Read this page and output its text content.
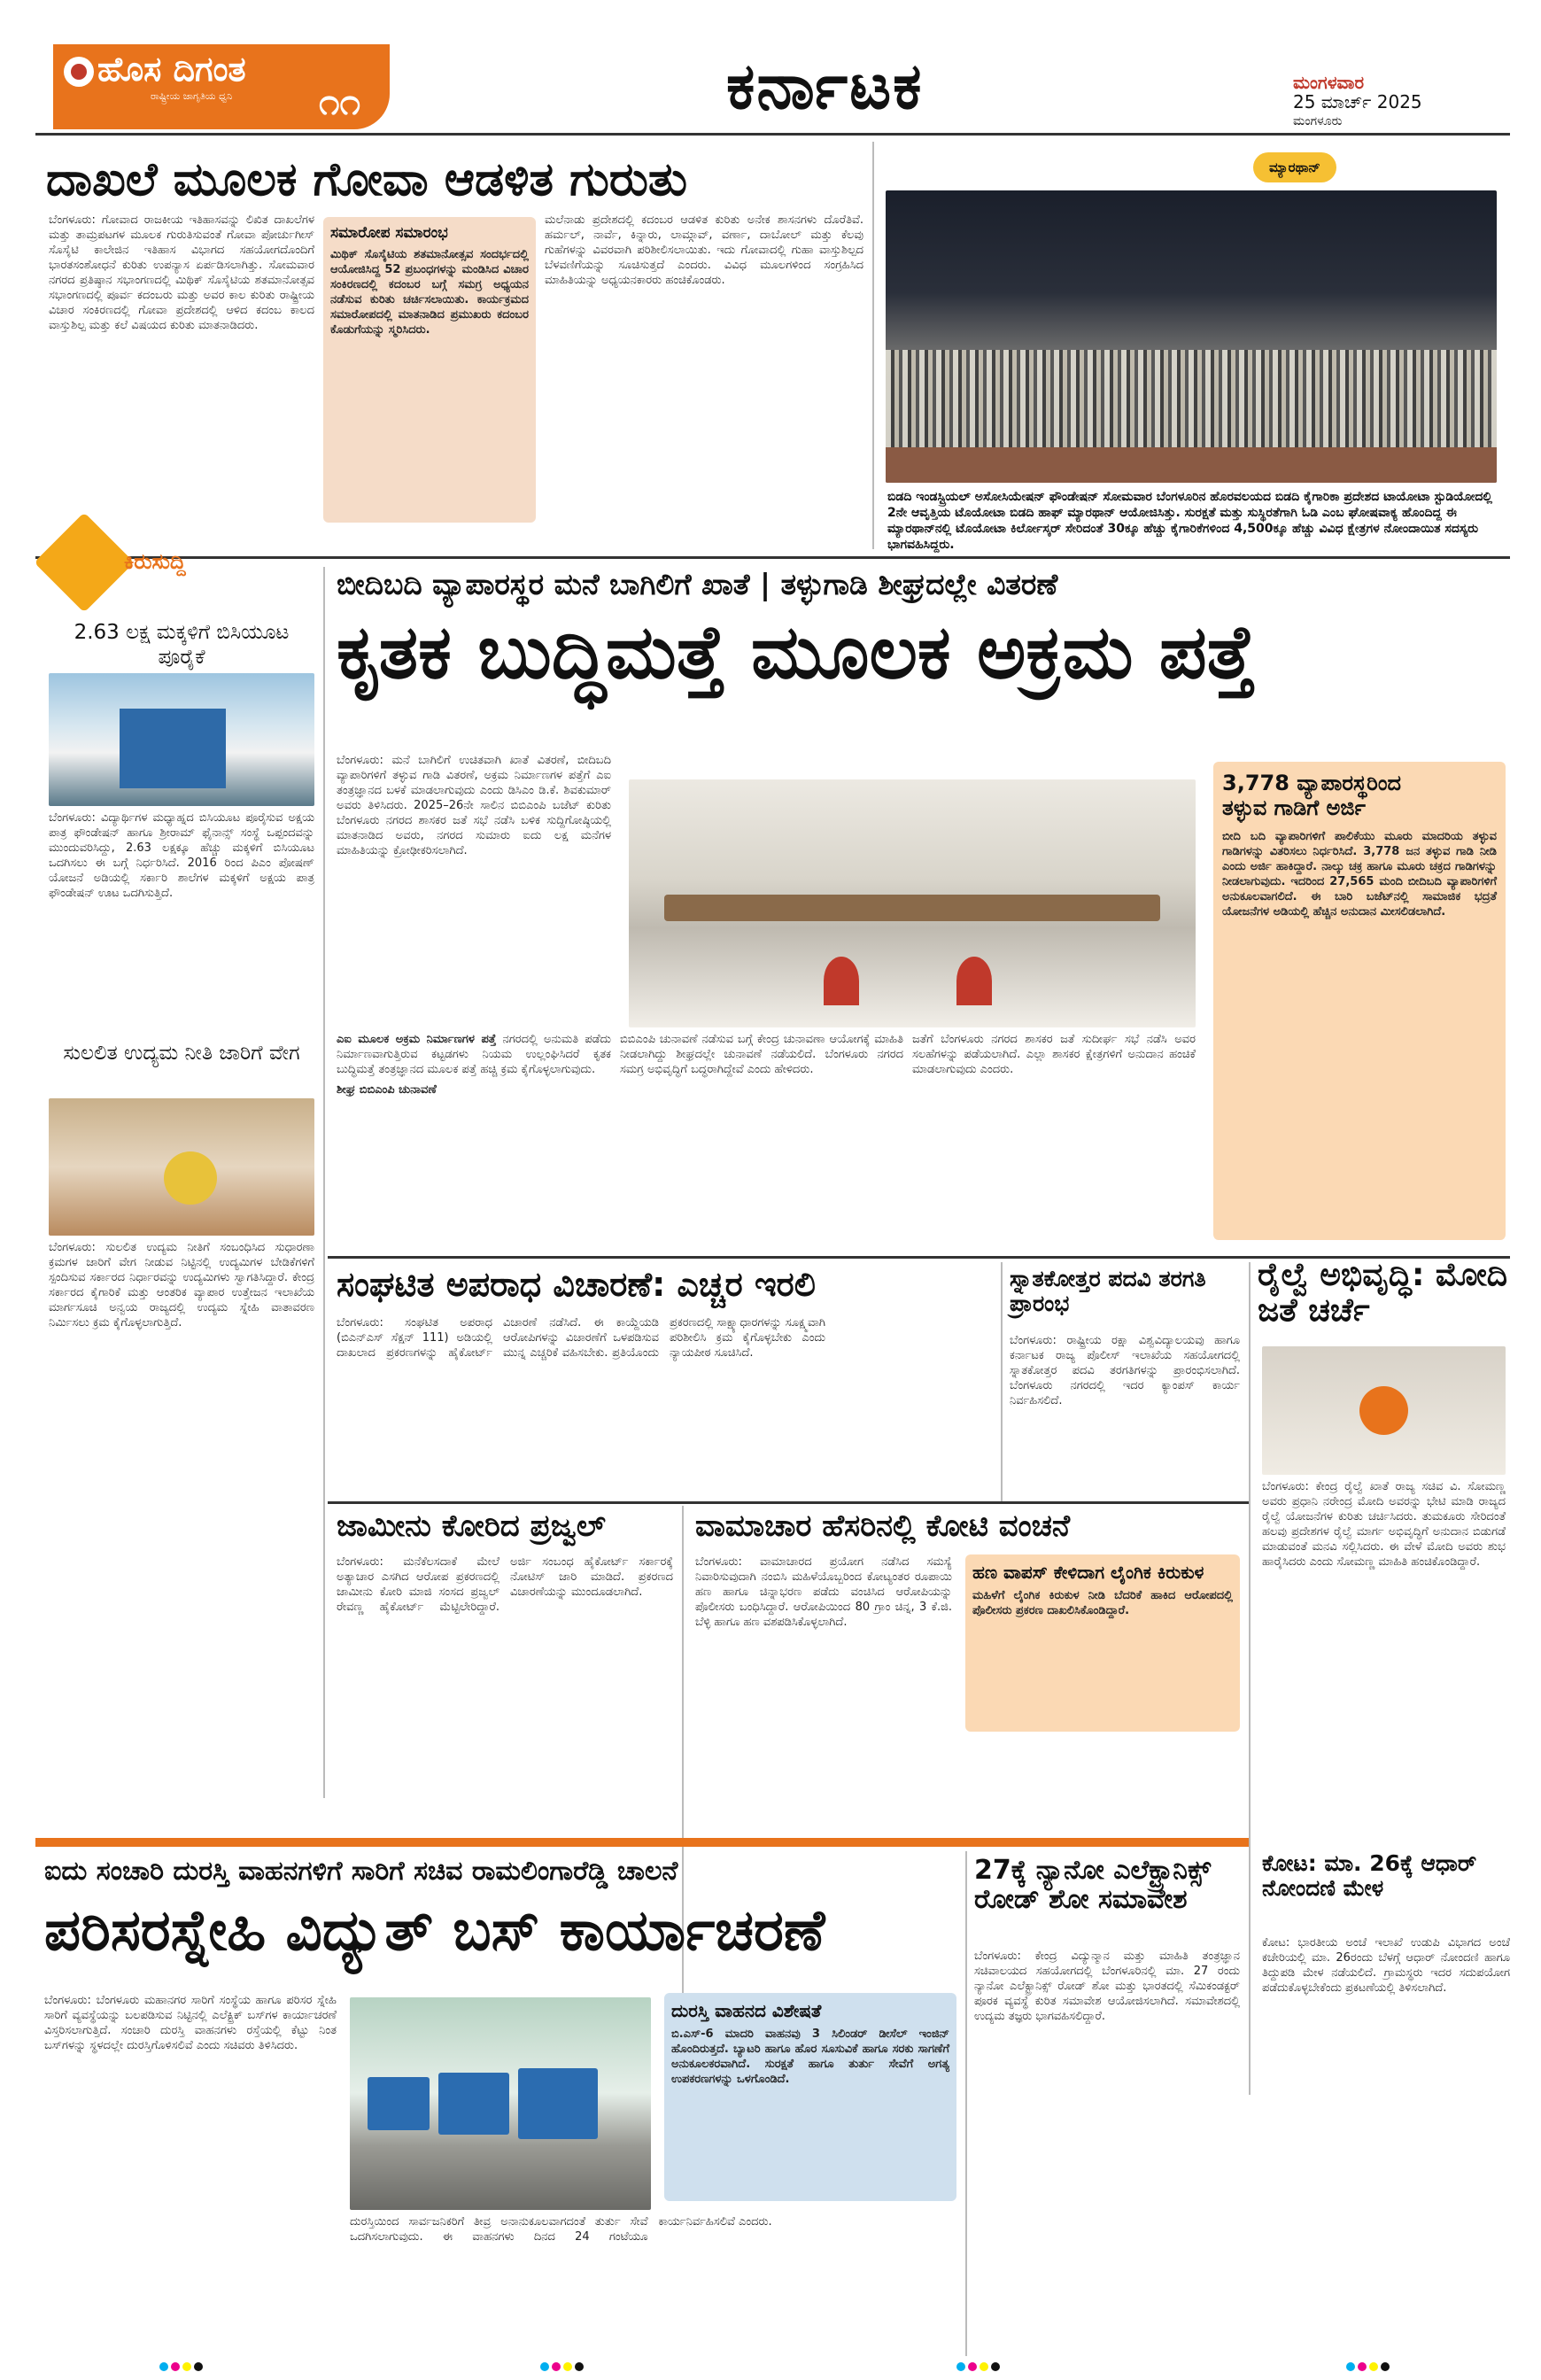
ಹೊಸ ದಿಗಂತ
ರಾಷ್ಟ್ರೀಯ ಜಾಗೃತಿಯ ಧ್ವನಿ ೧೧	ಕರ್ನಾಟಕ	ಮಂಗಳವಾರ
25 ಮಾರ್ಚ್ 2025
ಮಂಗಳೂರು
ದಾಖಲೆ ಮೂಲಕ ಗೋವಾ ಆಡಳಿತ ಗುರುತು
ಬೆಂಗಳೂರು: ಗೋವಾದ ರಾಜಕೀಯ ಇತಿಹಾಸವನ್ನು ಲಿಖಿತ ದಾಖಲೆಗಳ ಮತ್ತು ತಾಮ್ರಪಟಗಳ ಮೂಲಕ ಗುರುತಿಸುವಂತೆ ಗೋವಾ ಪೋರ್ಚುಗೀಸ್ ಸೊಸೈಟಿ ಕಾಲೇಜಿನ ಇತಿಹಾಸ ವಿಭಾಗದ ಸಹಯೋಗದೊಂದಿಗೆ ಭಾರತಸಂಶೋಧನೆ ಕುರಿತು ಉಪನ್ಯಾಸ ಏರ್ಪಡಿಸಲಾಗಿತ್ತು. ಸೋಮವಾರ ನಗರದ ಪ್ರತಿಷ್ಠಾನ ಸಭಾಂಗಣದಲ್ಲಿ ಮಿಥಿಕ್ ಸೊಸೈಟಿಯ ಶತಮಾನೋತ್ಸವ ಸಭಾಂಗಣದಲ್ಲಿ ಪೂರ್ವ ಕದಂಬರು ಮತ್ತು ಅವರ ಕಾಲ ಕುರಿತು ರಾಷ್ಟ್ರೀಯ ವಿಚಾರ ಸಂಕಿರಣದಲ್ಲಿ ಗೋವಾ ಪ್ರದೇಶದಲ್ಲಿ ಆಳಿದ ಕದಂಬ ಕಾಲದ ವಾಸ್ತುಶಿಲ್ಪ ಮತ್ತು ಕಲೆ ವಿಷಯದ ಕುರಿತು ಮಾತನಾಡಿದರು.
ಸಮಾರೋಪ ಸಮಾರಂಭ
ಮಿಥಿಕ್ ಸೊಸೈಟಿಯ ಶತಮಾನೋತ್ಸವ ಸಂದರ್ಭದಲ್ಲಿ ಆಯೋಜಿಸಿದ್ದ 52 ಪ್ರಬಂಧಗಳನ್ನು ಮಂಡಿಸಿದ ವಿಚಾರ ಸಂಕಿರಣದಲ್ಲಿ ಕದಂಬರ ಬಗ್ಗೆ ಸಮಗ್ರ ಅಧ್ಯಯನ ನಡೆಸುವ ಕುರಿತು ಚರ್ಚಿಸಲಾಯಿತು. ಕಾರ್ಯಕ್ರಮದ ಸಮಾರೋಪದಲ್ಲಿ ಮಾತನಾಡಿದ ಪ್ರಮುಖರು ಕದಂಬರ ಕೊಡುಗೆಯನ್ನು ಸ್ಮರಿಸಿದರು.
ಮಲೆನಾಡು ಪ್ರದೇಶದಲ್ಲಿ ಕದಂಬರ ಆಡಳಿತ ಕುರಿತು ಅನೇಕ ಶಾಸನಗಳು ದೊರೆತಿವೆ. ಹರ್ಮಲ್, ನಾರ್ವೆ, ಕಿನ್ನಾರು, ಲಾಮ್ಗಾವ್, ವರ್ಣಾ, ದಾಬೋಲ್ ಮತ್ತು ಕೆಲವು ಗುಹೆಗಳನ್ನು ವಿವರವಾಗಿ ಪರಿಶೀಲಿಸಲಾಯಿತು. ಇದು ಗೋವಾದಲ್ಲಿ ಗುಹಾ ವಾಸ್ತುಶಿಲ್ಪದ ಬೆಳವಣಿಗೆಯನ್ನು ಸೂಚಿಸುತ್ತದೆ ಎಂದರು. ವಿವಿಧ ಮೂಲಗಳಿಂದ ಸಂಗ್ರಹಿಸಿದ ಮಾಹಿತಿಯನ್ನು ಅಧ್ಯಯನಕಾರರು ಹಂಚಿಕೊಂಡರು.
ಮ್ಯಾರಥಾನ್
ಬಿಡದಿ ಇಂಡಸ್ಟ್ರಿಯಲ್ ಅಸೋಸಿಯೇಷನ್ ಫೌಂಡೇಷನ್ ಸೋಮವಾರ ಬೆಂಗಳೂರಿನ ಹೊರವಲಯದ ಬಿಡದಿ ಕೈಗಾರಿಕಾ ಪ್ರದೇಶದ ಟಾಯೋಟಾ ಸ್ಟುಡಿಯೋದಲ್ಲಿ 2ನೇ ಆವೃತ್ತಿಯ ಟೊಯೋಟಾ ಬಿಡದಿ ಹಾಫ್ ಮ್ಯಾರಥಾನ್ ಆಯೋಜಿಸಿತ್ತು. ಸುರಕ್ಷತೆ ಮತ್ತು ಸುಸ್ಥಿರತೆಗಾಗಿ ಓಡಿ ಎಂಬ ಘೋಷವಾಕ್ಯ ಹೊಂದಿದ್ದ ಈ ಮ್ಯಾರಥಾನ್‌ನಲ್ಲಿ ಟೊಯೋಟಾ ಕಿರ್ಲೋಸ್ಕರ್ ಸೇರಿದಂತೆ 30ಕ್ಕೂ ಹೆಚ್ಚು ಕೈಗಾರಿಕೆಗಳಿಂದ 4,500ಕ್ಕೂ ಹೆಚ್ಚು ವಿವಿಧ ಕ್ಷೇತ್ರಗಳ ನೋಂದಾಯಿತ ಸದಸ್ಯರು ಭಾಗವಹಿಸಿದ್ದರು.
ಕಿರುಸುದ್ದಿ
2.63 ಲಕ್ಷ ಮಕ್ಕಳಿಗೆ ಬಿಸಿಯೂಟ ಪೂರೈಕೆ
ಬೆಂಗಳೂರು: ವಿದ್ಯಾರ್ಥಿಗಳ ಮಧ್ಯಾಹ್ನದ ಬಿಸಿಯೂಟ ಪೂರೈಸುವ ಅಕ್ಷಯ ಪಾತ್ರ ಫೌಂಡೇಷನ್ ಹಾಗೂ ಶ್ರೀರಾಮ್ ಫೈನಾನ್ಸ್ ಸಂಸ್ಥೆ ಒಪ್ಪಂದವನ್ನು ಮುಂದುವರಿಸಿದ್ದು, 2.63 ಲಕ್ಷಕ್ಕೂ ಹೆಚ್ಚು ಮಕ್ಕಳಿಗೆ ಬಿಸಿಯೂಟ ಒದಗಿಸಲು ಈ ಬಗ್ಗೆ ನಿರ್ಧರಿಸಿದೆ. 2016 ರಿಂದ ಪಿಎಂ ಪೋಷಣ್ ಯೋಜನೆ ಅಡಿಯಲ್ಲಿ ಸರ್ಕಾರಿ ಶಾಲೆಗಳ ಮಕ್ಕಳಿಗೆ ಅಕ್ಷಯ ಪಾತ್ರ ಫೌಂಡೇಷನ್ ಊಟ ಒದಗಿಸುತ್ತಿದೆ.
ಸುಲಲಿತ ಉದ್ಯಮ ನೀತಿ ಜಾರಿಗೆ ವೇಗ
ಬೆಂಗಳೂರು: ಸುಲಲಿತ ಉದ್ಯಮ ನೀತಿಗೆ ಸಂಬಂಧಿಸಿದ ಸುಧಾರಣಾ ಕ್ರಮಗಳ ಜಾರಿಗೆ ವೇಗ ನೀಡುವ ನಿಟ್ಟಿನಲ್ಲಿ ಉದ್ಯಮಿಗಳ ಬೇಡಿಕೆಗಳಿಗೆ ಸ್ಪಂದಿಸುವ ಸರ್ಕಾರದ ನಿರ್ಧಾರವನ್ನು ಉದ್ಯಮಿಗಳು ಸ್ವಾಗತಿಸಿದ್ದಾರೆ. ಕೇಂದ್ರ ಸರ್ಕಾರದ ಕೈಗಾರಿಕೆ ಮತ್ತು ಆಂತರಿಕ ವ್ಯಾಪಾರ ಉತ್ತೇಜನ ಇಲಾಖೆಯ ಮಾರ್ಗಸೂಚಿ ಅನ್ವಯ ರಾಜ್ಯದಲ್ಲಿ ಉದ್ಯಮ ಸ್ನೇಹಿ ವಾತಾವರಣ ನಿರ್ಮಿಸಲು ಕ್ರಮ ಕೈಗೊಳ್ಳಲಾಗುತ್ತಿದೆ.
ಬೀದಿಬದಿ ವ್ಯಾಪಾರಸ್ಥರ ಮನೆ ಬಾಗಿಲಿಗೆ ಖಾತೆ | ತಳ್ಳುಗಾಡಿ ಶೀಘ್ರದಲ್ಲೇ ವಿತರಣೆ
ಕೃತಕ ಬುದ್ಧಿಮತ್ತೆ ಮೂಲಕ ಅಕ್ರಮ ಪತ್ತೆ
ಬೆಂಗಳೂರು: ಮನೆ ಬಾಗಿಲಿಗೆ ಉಚಿತವಾಗಿ ಖಾತೆ ವಿತರಣೆ, ಬೀದಿಬದಿ ವ್ಯಾಪಾರಿಗಳಿಗೆ ತಳ್ಳುವ ಗಾಡಿ ವಿತರಣೆ, ಅಕ್ರಮ ನಿರ್ಮಾಣಗಳ ಪತ್ತೆಗೆ ಎಐ ತಂತ್ರಜ್ಞಾನದ ಬಳಕೆ ಮಾಡಲಾಗುವುದು ಎಂದು ಡಿಸಿಎಂ ಡಿ.ಕೆ. ಶಿವಕುಮಾರ್ ಅವರು ತಿಳಿಸಿದರು. 2025–26ನೇ ಸಾಲಿನ ಬಿಬಿಎಂಪಿ ಬಜೆಟ್ ಕುರಿತು ಬೆಂಗಳೂರು ನಗರದ ಶಾಸಕರ ಜತೆ ಸಭೆ ನಡೆಸಿ ಬಳಿಕ ಸುದ್ದಿಗೋಷ್ಠಿಯಲ್ಲಿ ಮಾತನಾಡಿದ ಅವರು, ನಗರದ ಸುಮಾರು ಐದು ಲಕ್ಷ ಮನೆಗಳ ಮಾಹಿತಿಯನ್ನು ಕ್ರೋಢೀಕರಿಸಲಾಗಿದೆ.
ಎಐ ಮೂಲಕ ಅಕ್ರಮ ನಿರ್ಮಾಣಗಳ ಪತ್ತೆ ನಗರದಲ್ಲಿ ಅನುಮತಿ ಪಡೆದು ನಿರ್ಮಾಣವಾಗುತ್ತಿರುವ ಕಟ್ಟಡಗಳು ನಿಯಮ ಉಲ್ಲಂಘಿಸಿದರೆ ಕೃತಕ ಬುದ್ಧಿಮತ್ತೆ ತಂತ್ರಜ್ಞಾನದ ಮೂಲಕ ಪತ್ತೆ ಹಚ್ಚಿ ಕ್ರಮ ಕೈಗೊಳ್ಳಲಾಗುವುದು.
ಶೀಘ್ರ ಬಿಬಿಎಂಪಿ ಚುನಾವಣೆ
ಬಿಬಿಎಂಪಿ ಚುನಾವಣೆ ನಡೆಸುವ ಬಗ್ಗೆ ಕೇಂದ್ರ ಚುನಾವಣಾ ಆಯೋಗಕ್ಕೆ ಮಾಹಿತಿ ನೀಡಲಾಗಿದ್ದು ಶೀಘ್ರದಲ್ಲೇ ಚುನಾವಣೆ ನಡೆಯಲಿದೆ. ಬೆಂಗಳೂರು ನಗರದ ಸಮಗ್ರ ಅಭಿವೃದ್ಧಿಗೆ ಬದ್ಧರಾಗಿದ್ದೇವೆ ಎಂದು ಹೇಳಿದರು.
ಜತೆಗೆ ಬೆಂಗಳೂರು ನಗರದ ಶಾಸಕರ ಜತೆ ಸುದೀರ್ಘ ಸಭೆ ನಡೆಸಿ ಅವರ ಸಲಹೆಗಳನ್ನು ಪಡೆಯಲಾಗಿದೆ. ಎಲ್ಲಾ ಶಾಸಕರ ಕ್ಷೇತ್ರಗಳಿಗೆ ಅನುದಾನ ಹಂಚಿಕೆ ಮಾಡಲಾಗುವುದು ಎಂದರು.
3,778 ವ್ಯಾಪಾರಸ್ಥರಿಂದ
ತಳ್ಳುವ ಗಾಡಿಗೆ ಅರ್ಜಿ
ಬೀದಿ ಬದಿ ವ್ಯಾಪಾರಿಗಳಿಗೆ ಪಾಲಿಕೆಯು ಮೂರು ಮಾದರಿಯ ತಳ್ಳುವ ಗಾಡಿಗಳನ್ನು ವಿತರಿಸಲು ನಿರ್ಧರಿಸಿದೆ. 3,778 ಜನ ತಳ್ಳುವ ಗಾಡಿ ನೀಡಿ ಎಂದು ಅರ್ಜಿ ಹಾಕಿದ್ದಾರೆ. ನಾಲ್ಕು ಚಕ್ರ ಹಾಗೂ ಮೂರು ಚಕ್ರದ ಗಾಡಿಗಳನ್ನು ನೀಡಲಾಗುವುದು. ಇದರಿಂದ 27,565 ಮಂದಿ ಬೀದಿಬದಿ ವ್ಯಾಪಾರಿಗಳಿಗೆ ಅನುಕೂಲವಾಗಲಿದೆ. ಈ ಬಾರಿ ಬಜೆಟ್‌ನಲ್ಲಿ ಸಾಮಾಜಿಕ ಭದ್ರತೆ ಯೋಜನೆಗಳ ಅಡಿಯಲ್ಲಿ ಹೆಚ್ಚಿನ ಅನುದಾನ ಮೀಸಲಿಡಲಾಗಿದೆ.
ಸಂಘಟಿತ ಅಪರಾಧ ವಿಚಾರಣೆ: ಎಚ್ಚರ ಇರಲಿ
ಬೆಂಗಳೂರು: ಸಂಘಟಿತ ಅಪರಾಧ (ಬಿಎನ್‌ಎಸ್ ಸೆಕ್ಷನ್ 111) ಅಡಿಯಲ್ಲಿ ದಾಖಲಾದ ಪ್ರಕರಣಗಳನ್ನು ಹೈಕೋರ್ಟ್ ವಿಚಾರಣೆ ನಡೆಸಿದೆ. ಈ ಕಾಯ್ದೆಯಡಿ ಆರೋಪಿಗಳನ್ನು ವಿಚಾರಣೆಗೆ ಒಳಪಡಿಸುವ ಮುನ್ನ ಎಚ್ಚರಿಕೆ ವಹಿಸಬೇಕು. ಪ್ರತಿಯೊಂದು ಪ್ರಕರಣದಲ್ಲಿ ಸಾಕ್ಷ್ಯಾಧಾರಗಳನ್ನು ಸೂಕ್ಷ್ಮವಾಗಿ ಪರಿಶೀಲಿಸಿ ಕ್ರಮ ಕೈಗೊಳ್ಳಬೇಕು ಎಂದು ನ್ಯಾಯಪೀಠ ಸೂಚಿಸಿದೆ.
ಸ್ನಾತಕೋತ್ತರ ಪದವಿ ತರಗತಿ ಪ್ರಾರಂಭ
ಬೆಂಗಳೂರು: ರಾಷ್ಟ್ರೀಯ ರಕ್ಷಾ ವಿಶ್ವವಿದ್ಯಾಲಯವು ಹಾಗೂ ಕರ್ನಾಟಕ ರಾಜ್ಯ ಪೊಲೀಸ್ ಇಲಾಖೆಯ ಸಹಯೋಗದಲ್ಲಿ ಸ್ನಾತಕೋತ್ತರ ಪದವಿ ತರಗತಿಗಳನ್ನು ಪ್ರಾರಂಭಿಸಲಾಗಿದೆ. ಬೆಂಗಳೂರು ನಗರದಲ್ಲಿ ಇದರ ಕ್ಯಾಂಪಸ್ ಕಾರ್ಯ ನಿರ್ವಹಿಸಲಿದೆ.
ರೈಲ್ವೆ ಅಭಿವೃದ್ಧಿ: ಮೋದಿ ಜತೆ ಚರ್ಚೆ
ಬೆಂಗಳೂರು: ಕೇಂದ್ರ ರೈಲ್ವೆ ಖಾತೆ ರಾಜ್ಯ ಸಚಿವ ವಿ. ಸೋಮಣ್ಣ ಅವರು ಪ್ರಧಾನಿ ನರೇಂದ್ರ ಮೋದಿ ಅವರನ್ನು ಭೇಟಿ ಮಾಡಿ ರಾಜ್ಯದ ರೈಲ್ವೆ ಯೋಜನೆಗಳ ಕುರಿತು ಚರ್ಚಿಸಿದರು. ತುಮಕೂರು ಸೇರಿದಂತೆ ಹಲವು ಪ್ರದೇಶಗಳ ರೈಲ್ವೆ ಮಾರ್ಗ ಅಭಿವೃದ್ಧಿಗೆ ಅನುದಾನ ಬಿಡುಗಡೆ ಮಾಡುವಂತೆ ಮನವಿ ಸಲ್ಲಿಸಿದರು. ಈ ವೇಳೆ ಮೋದಿ ಅವರು ಶುಭ ಹಾರೈಸಿದರು ಎಂದು ಸೋಮಣ್ಣ ಮಾಹಿತಿ ಹಂಚಿಕೊಂಡಿದ್ದಾರೆ.
ಜಾಮೀನು ಕೋರಿದ ಪ್ರಜ್ವಲ್
ಬೆಂಗಳೂರು: ಮನೆಕೆಲಸದಾಕೆ ಮೇಲೆ ಅತ್ಯಾಚಾರ ಎಸಗಿದ ಆರೋಪ ಪ್ರಕರಣದಲ್ಲಿ ಜಾಮೀನು ಕೋರಿ ಮಾಜಿ ಸಂಸದ ಪ್ರಜ್ವಲ್ ರೇವಣ್ಣ ಹೈಕೋರ್ಟ್ ಮೆಟ್ಟಿಲೇರಿದ್ದಾರೆ. ಅರ್ಜಿ ಸಂಬಂಧ ಹೈಕೋರ್ಟ್ ಸರ್ಕಾರಕ್ಕೆ ನೋಟಿಸ್ ಜಾರಿ ಮಾಡಿದೆ. ಪ್ರಕರಣದ ವಿಚಾರಣೆಯನ್ನು ಮುಂದೂಡಲಾಗಿದೆ.
ವಾಮಾಚಾರ ಹೆಸರಿನಲ್ಲಿ ಕೋಟಿ ವಂಚನೆ
ಬೆಂಗಳೂರು: ವಾಮಾಚಾರದ ಪ್ರಯೋಗ ನಡೆಸಿದ ಸಮಸ್ಯೆ ನಿವಾರಿಸುವುದಾಗಿ ನಂಬಿಸಿ ಮಹಿಳೆಯೊಬ್ಬರಿಂದ ಕೋಟ್ಯಂತರ ರೂಪಾಯಿ ಹಣ ಹಾಗೂ ಚಿನ್ನಾಭರಣ ಪಡೆದು ವಂಚಿಸಿದ ಆರೋಪಿಯನ್ನು ಪೊಲೀಸರು ಬಂಧಿಸಿದ್ದಾರೆ. ಆರೋಪಿಯಿಂದ 80 ಗ್ರಾಂ ಚಿನ್ನ, 3 ಕೆ.ಜಿ. ಬೆಳ್ಳಿ ಹಾಗೂ ಹಣ ವಶಪಡಿಸಿಕೊಳ್ಳಲಾಗಿದೆ.
ಹಣ ವಾಪಸ್ ಕೇಳಿದಾಗ ಲೈಂಗಿಕ ಕಿರುಕುಳ
ಮಹಿಳೆಗೆ ಲೈಂಗಿಕ ಕಿರುಕುಳ ನೀಡಿ ಬೆದರಿಕೆ ಹಾಕಿದ ಆರೋಪದಲ್ಲಿ ಪೊಲೀಸರು ಪ್ರಕರಣ ದಾಖಲಿಸಿಕೊಂಡಿದ್ದಾರೆ.
ಐದು ಸಂಚಾರಿ ದುರಸ್ತಿ ವಾಹನಗಳಿಗೆ ಸಾರಿಗೆ ಸಚಿವ ರಾಮಲಿಂಗಾರೆಡ್ಡಿ ಚಾಲನೆ
ಪರಿಸರಸ್ನೇಹಿ ವಿದ್ಯುತ್ ಬಸ್ ಕಾರ್ಯಾಚರಣೆ
ಬೆಂಗಳೂರು: ಬೆಂಗಳೂರು ಮಹಾನಗರ ಸಾರಿಗೆ ಸಂಸ್ಥೆಯ ಹಾಗೂ ಪರಿಸರ ಸ್ನೇಹಿ ಸಾರಿಗೆ ವ್ಯವಸ್ಥೆಯನ್ನು ಬಲಪಡಿಸುವ ನಿಟ್ಟಿನಲ್ಲಿ ಎಲೆಕ್ಟ್ರಿಕ್ ಬಸ್‌ಗಳ ಕಾರ್ಯಾಚರಣೆ ವಿಸ್ತರಿಸಲಾಗುತ್ತಿದೆ. ಸಂಚಾರಿ ದುರಸ್ತಿ ವಾಹನಗಳು ರಸ್ತೆಯಲ್ಲಿ ಕೆಟ್ಟು ನಿಂತ ಬಸ್‌ಗಳನ್ನು ಸ್ಥಳದಲ್ಲೇ ದುರಸ್ತಿಗೊಳಿಸಲಿವೆ ಎಂದು ಸಚಿವರು ತಿಳಿಸಿದರು.
ದುರಸ್ತಿ ವಾಹನದ ವಿಶೇಷತೆ
ಬಿ.ಎಸ್-6 ಮಾದರಿ ವಾಹನವು 3 ಸಿಲಿಂಡರ್ ಡೀಸೆಲ್ ಇಂಜಿನ್ ಹೊಂದಿರುತ್ತದೆ. ಬ್ಯಾಟರಿ ಹಾಗೂ ಹೊರ ಸೂಸುವಿಕೆ ಹಾಗೂ ಸರಕು ಸಾಗಣೆಗೆ ಅನುಕೂಲಕರವಾಗಿದೆ. ಸುರಕ್ಷತೆ ಹಾಗೂ ತುರ್ತು ಸೇವೆಗೆ ಅಗತ್ಯ ಉಪಕರಣಗಳನ್ನು ಒಳಗೊಂಡಿದೆ.
ದುರಸ್ತಿಯಿಂದ ಸಾರ್ವಜನಿಕರಿಗೆ ತೀವ್ರ ಅನಾನುಕೂಲವಾಗದಂತೆ ತುರ್ತು ಸೇವೆ ಒದಗಿಸಲಾಗುವುದು. ಈ ವಾಹನಗಳು ದಿನದ 24 ಗಂಟೆಯೂ ಕಾರ್ಯನಿರ್ವಹಿಸಲಿವೆ ಎಂದರು.
27ಕ್ಕೆ ನ್ಯಾನೋ ಎಲೆಕ್ಟ್ರಾನಿಕ್ಸ್ ರೋಡ್ ಶೋ ಸಮಾವೇಶ
ಬೆಂಗಳೂರು: ಕೇಂದ್ರ ವಿದ್ಯುನ್ಮಾನ ಮತ್ತು ಮಾಹಿತಿ ತಂತ್ರಜ್ಞಾನ ಸಚಿವಾಲಯದ ಸಹಯೋಗದಲ್ಲಿ ಬೆಂಗಳೂರಿನಲ್ಲಿ ಮಾ. 27 ರಂದು ನ್ಯಾನೋ ಎಲೆಕ್ಟ್ರಾನಿಕ್ಸ್ ರೋಡ್ ಶೋ ಮತ್ತು ಭಾರತದಲ್ಲಿ ಸೆಮಿಕಂಡಕ್ಟರ್ ಪೂರಕ ವ್ಯವಸ್ಥೆ ಕುರಿತ ಸಮಾವೇಶ ಆಯೋಜಿಸಲಾಗಿದೆ. ಸಮಾವೇಶದಲ್ಲಿ ಉದ್ಯಮ ತಜ್ಞರು ಭಾಗವಹಿಸಲಿದ್ದಾರೆ.
ಕೋಟ: ಮಾ. 26ಕ್ಕೆ ಆಧಾರ್ ನೋಂದಣಿ ಮೇಳ
ಕೋಟ: ಭಾರತೀಯ ಅಂಚೆ ಇಲಾಖೆ ಉಡುಪಿ ವಿಭಾಗದ ಅಂಚೆ ಕಚೇರಿಯಲ್ಲಿ ಮಾ. 26ರಂದು ಬೆಳಗ್ಗೆ ಆಧಾರ್ ನೋಂದಣಿ ಹಾಗೂ ತಿದ್ದುಪಡಿ ಮೇಳ ನಡೆಯಲಿದೆ. ಗ್ರಾಮಸ್ಥರು ಇದರ ಸದುಪಯೋಗ ಪಡೆದುಕೊಳ್ಳಬೇಕೆಂದು ಪ್ರಕಟಣೆಯಲ್ಲಿ ತಿಳಿಸಲಾಗಿದೆ.
